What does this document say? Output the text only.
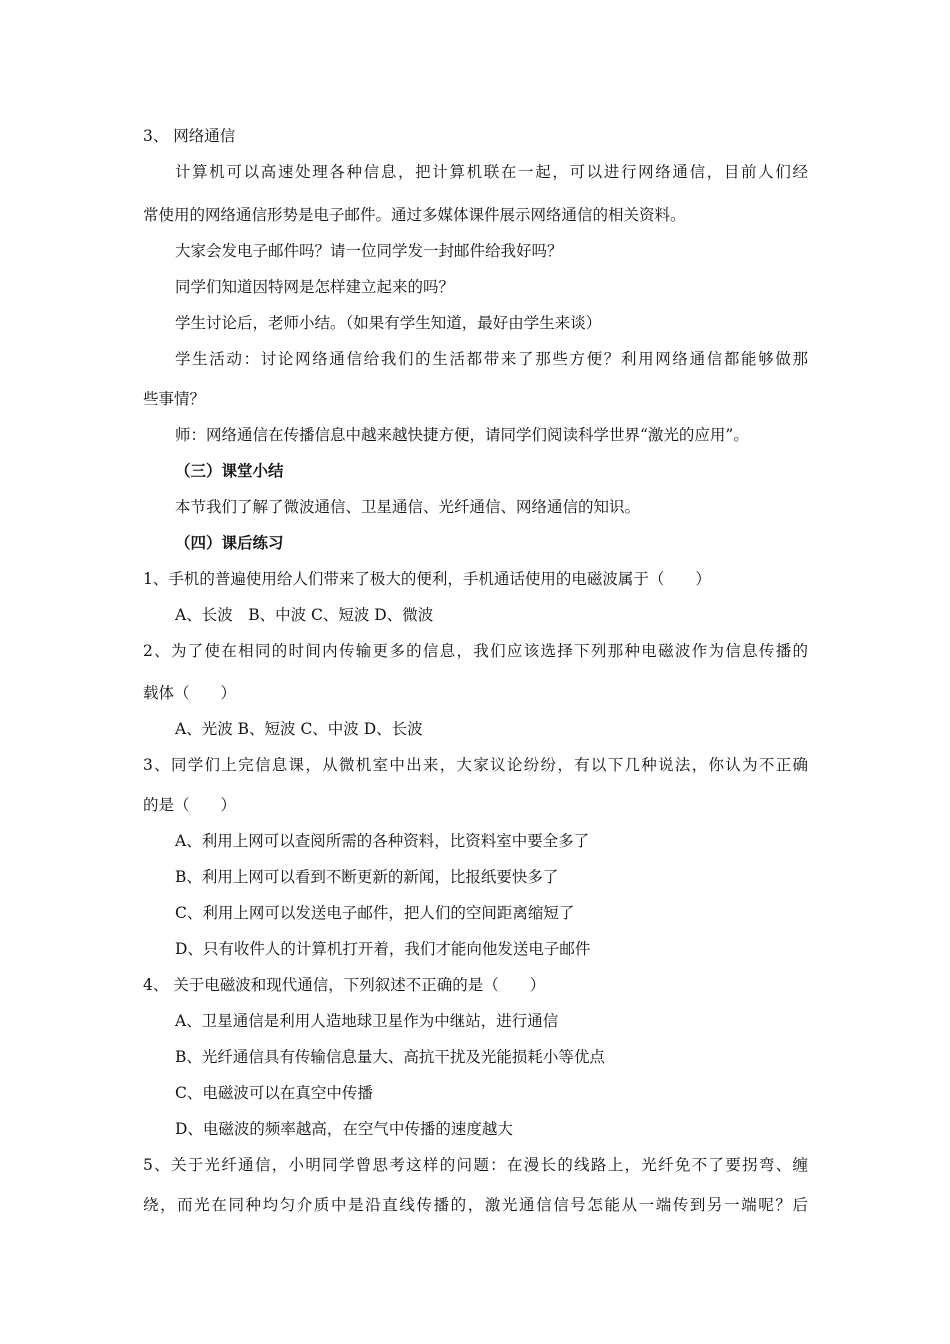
3、 网络通信
计算机可以高速处理各种信息，把计算机联在一起，可以进行网络通信，目前人们经
常使用的网络通信形势是电子邮件。通过多媒体课件展示网络通信的相关资料。
大家会发电子邮件吗？请一位同学发一封邮件给我好吗？
同学们知道因特网是怎样建立起来的吗？
学生讨论后，老师小结。（如果有学生知道，最好由学生来谈）
学生活动：讨论网络通信给我们的生活都带来了那些方便？利用网络通信都能够做那
些事情？
师：网络通信在传播信息中越来越快捷方便，请同学们阅读科学世界“激光的应用”。
（三）课堂小结
本节我们了解了微波通信、卫星通信、光纤通信、网络通信的知识。
（四）课后练习
1、手机的普遍使用给人们带来了极大的便利，手机通话使用的电磁波属于（　　）
A、长波　B、中波 C、短波 D、微波
2、为了使在相同的时间内传输更多的信息，我们应该选择下列那种电磁波作为信息传播的
载体（　　）
A、光波 B、短波 C、中波 D、长波
3、同学们上完信息课，从微机室中出来，大家议论纷纷，有以下几种说法，你认为不正确
的是（　　）
A、利用上网可以查阅所需的各种资料，比资料室中要全多了
B、利用上网可以看到不断更新的新闻，比报纸要快多了
C、利用上网可以发送电子邮件，把人们的空间距离缩短了
D、只有收件人的计算机打开着，我们才能向他发送电子邮件
4、 关于电磁波和现代通信，下列叙述不正确的是（　　）
A、卫星通信是利用人造地球卫星作为中继站，进行通信
B、光纤通信具有传输信息量大、高抗干扰及光能损耗小等优点
C、电磁波可以在真空中传播
D、电磁波的频率越高，在空气中传播的速度越大
5、关于光纤通信，小明同学曾思考这样的问题：在漫长的线路上，光纤免不了要拐弯、缠
绕，而光在同种均匀介质中是沿直线传播的，激光通信信号怎能从一端传到另一端呢？后
